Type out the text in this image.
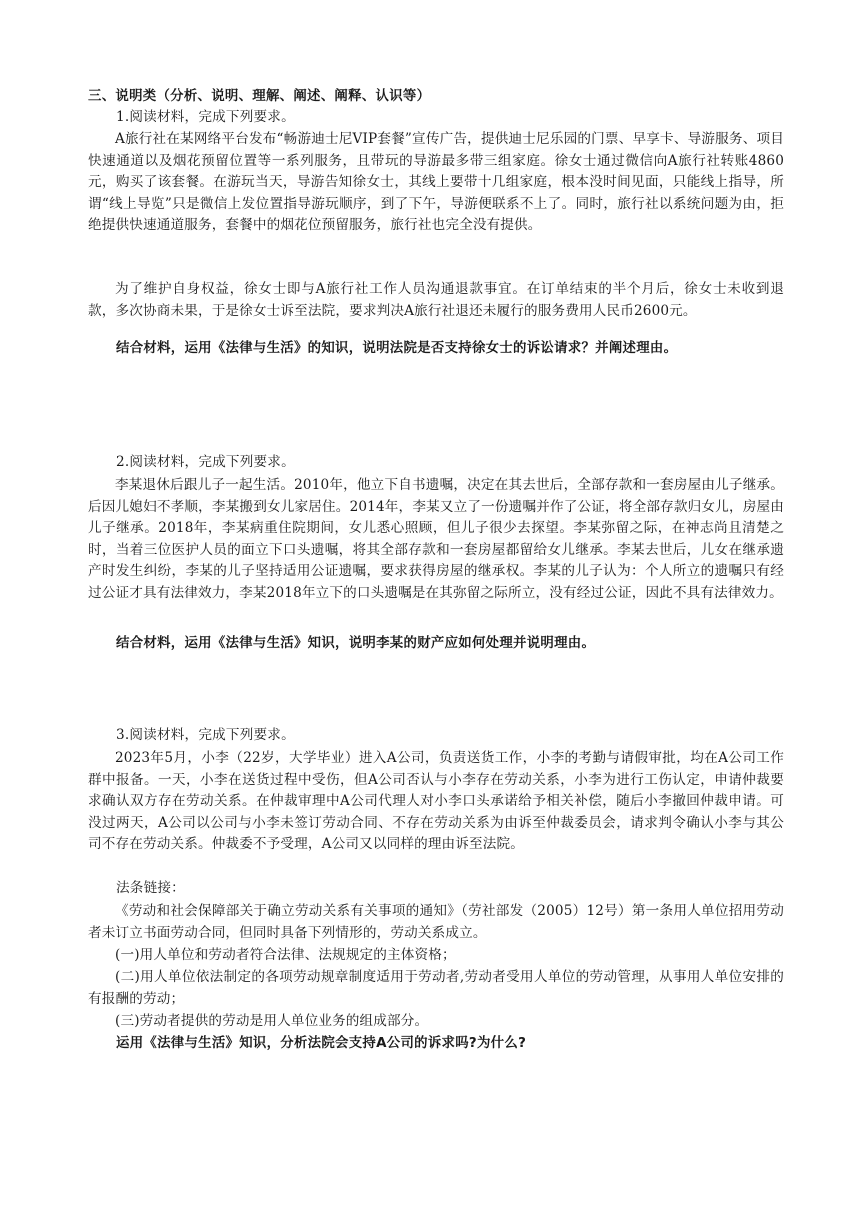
三、说明类（分析、说明、理解、阐述、阐释、认识等）
1.阅读材料，完成下列要求。
A旅行社在某网络平台发布“畅游迪士尼VIP套餐”宣传广告，提供迪士尼乐园的门票、早享卡、导游服务、项目快速通道以及烟花预留位置等一系列服务，且带玩的导游最多带三组家庭。徐女士通过微信向A旅行社转账4860元，购买了该套餐。在游玩当天，导游告知徐女士，其线上要带十几组家庭，根本没时间见面，只能线上指导，所谓“线上导览”只是微信上发位置指导游玩顺序，到了下午，导游便联系不上了。同时，旅行社以系统问题为由，拒绝提供快速通道服务，套餐中的烟花位预留服务，旅行社也完全没有提供。
为了维护自身权益，徐女士即与A旅行社工作人员沟通退款事宜。在订单结束的半个月后，徐女士未收到退款，多次协商未果，于是徐女士诉至法院，要求判决A旅行社退还未履行的服务费用人民币2600元。
结合材料，运用《法律与生活》的知识，说明法院是否支持徐女士的诉讼请求？并阐述理由。
2.阅读材料，完成下列要求。
李某退休后跟儿子一起生活。2010年，他立下自书遗嘱，决定在其去世后，全部存款和一套房屋由儿子继承。后因儿媳妇不孝顺，李某搬到女儿家居住。2014年，李某又立了一份遗嘱并作了公证，将全部存款归女儿，房屋由儿子继承。2018年，李某病重住院期间，女儿悉心照顾，但儿子很少去探望。李某弥留之际，在神志尚且清楚之时，当着三位医护人员的面立下口头遗嘱，将其全部存款和一套房屋都留给女儿继承。李某去世后，儿女在继承遗产时发生纠纷，李某的儿子坚持适用公证遗嘱，要求获得房屋的继承权。李某的儿子认为：个人所立的遗嘱只有经过公证才具有法律效力，李某2018年立下的口头遗嘱是在其弥留之际所立，没有经过公证，因此不具有法律效力。
结合材料，运用《法律与生活》知识，说明李某的财产应如何处理并说明理由。
3.阅读材料，完成下列要求。
2023年5月，小李（22岁，大学毕业）进入A公司，负责送货工作，小李的考勤与请假审批，均在A公司工作群中报备。一天，小李在送货过程中受伤，但A公司否认与小李存在劳动关系，小李为进行工伤认定，申请仲裁要求确认双方存在劳动关系。在仲裁审理中A公司代理人对小李口头承诺给予相关补偿，随后小李撤回仲裁申请。可没过两天，A公司以公司与小李未签订劳动合同、不存在劳动关系为由诉至仲裁委员会，请求判令确认小李与其公司不存在劳动关系。仲裁委不予受理，A公司又以同样的理由诉至法院。
法条链接：
《劳动和社会保障部关于确立劳动关系有关事项的通知》（劳社部发（2005）12号）第一条用人单位招用劳动者未订立书面劳动合同，但同时具备下列情形的，劳动关系成立。
(一)用人单位和劳动者符合法律、法规规定的主体资格；
(二)用人单位依法制定的各项劳动规章制度适用于劳动者,劳动者受用人单位的劳动管理，从事用人单位安排的有报酬的劳动；
(三)劳动者提供的劳动是用人单位业务的组成部分。
运用《法律与生活》知识，分析法院会支持A公司的诉求吗?为什么?
